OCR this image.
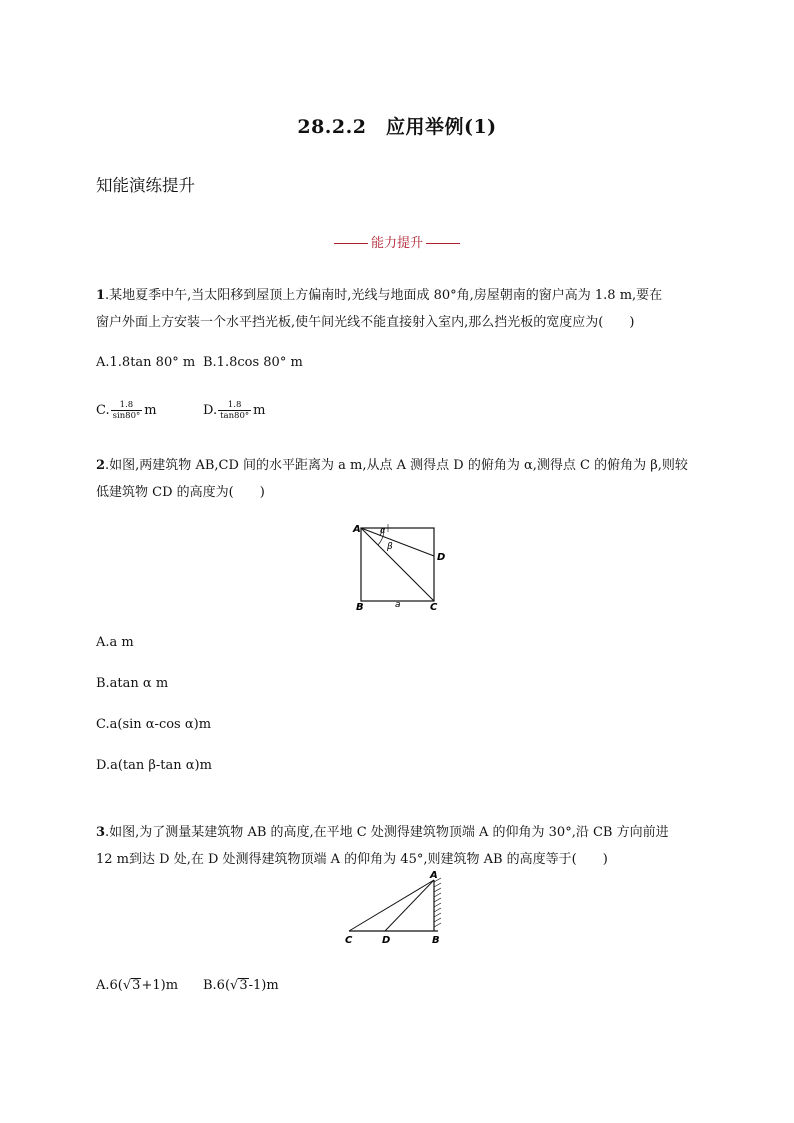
28.2.2　应用举例(1)
知能演练提升
能力提升
1.某地夏季中午,当太阳移到屋顶上方偏南时,光线与地面成 80°角,房屋朝南的窗户高为 1.8 m,要在
窗户外面上方安装一个水平挡光板,使午间光线不能直接射入室内,那么挡光板的宽度应为(　　)
A.1.8tan 80° m B.1.8cos 80° m
C. $\frac{1.8}{\sin 80^\circ}$ m	D. $\frac{1.8}{\tan 80^\circ}$ m
2.如图,两建筑物 AB,CD 间的水平距离为 a m,从点 A 测得点 D 的俯角为 α,测得点 C 的俯角为 β,则较
低建筑物 CD 的高度为(　　)
A
B	C
D
a
α
β
A.a m
B.atan α m
C.a(sin α-cos α)m
D.a(tan β-tan α)m
3.如图,为了测量某建筑物 AB 的高度,在平地 C 处测得建筑物顶端 A 的仰角为 30°,沿 CB 方向前进
12 m到达 D 处,在 D 处测得建筑物顶端 A 的仰角为 45°,则建筑物 AB 的高度等于(　　)
A
B
C	D
A.6(√3+1)m B.6(√3-1)m
